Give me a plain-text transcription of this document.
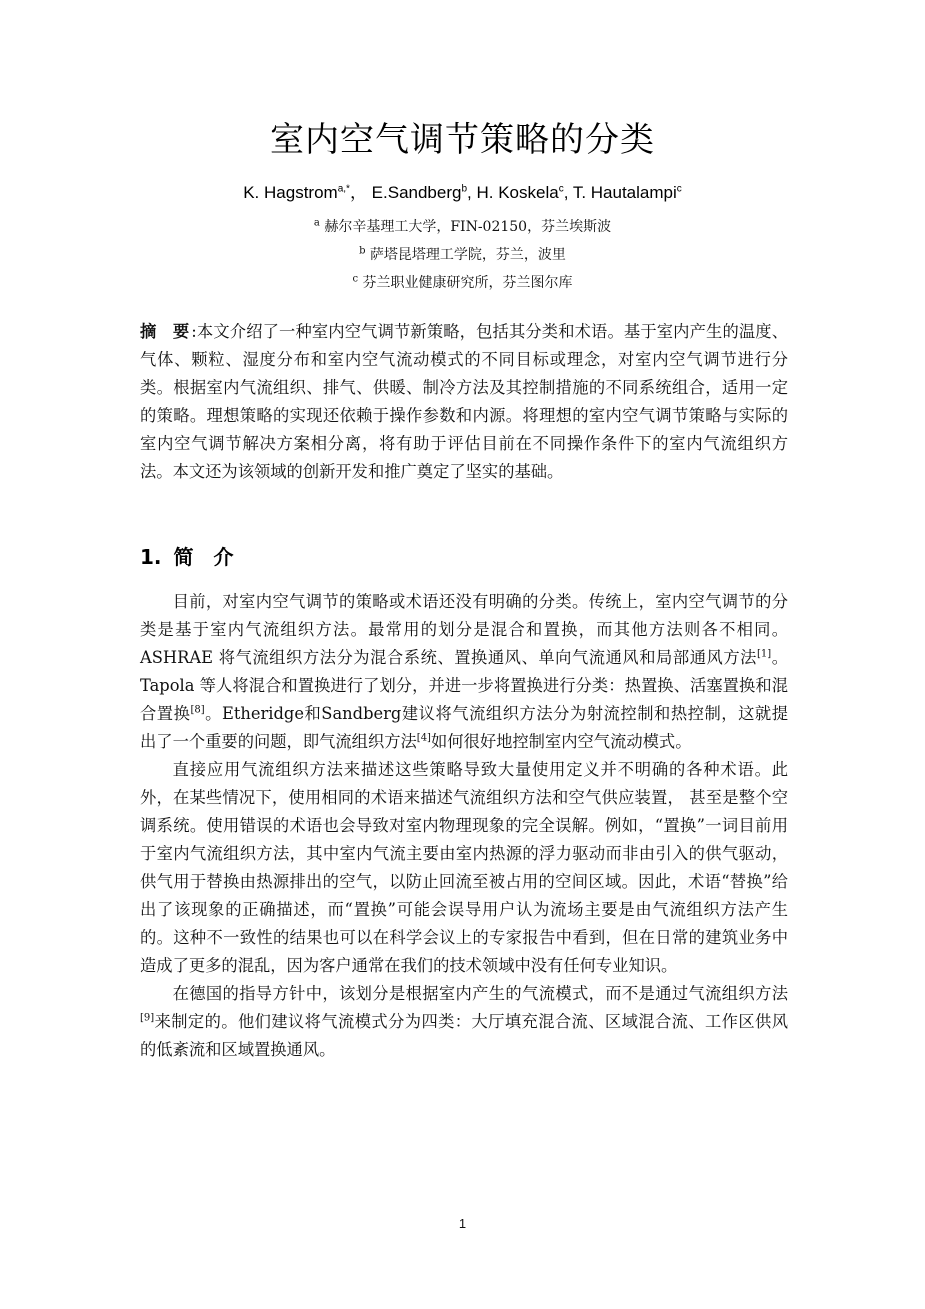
室内空气调节策略的分类
K. Hagstrom$^{a,*}$， E.Sandberg$^b$, H. Koskela$^c$, T. Hautalampi$^c$
$^a$ 赫尔辛基理工大学，FIN-02150，芬兰埃斯波
$^b$ 萨塔昆塔理工学院，芬兰，波里
$^c$ 芬兰职业健康研究所，芬兰图尔库
摘　要 :本文介绍了一种室内空气调节新策略，包括其分类和术语。基于室内产生的温度、气体、颗粒、湿度分布和室内空气流动模式的不同目标或理念，对室内空气调节进行分类。根据室内气流组织、排气、供暖、制冷方法及其控制措施的不同系统组合，适用一定的策略。理想策略的实现还依赖于操作参数和内源。将理想的室内空气调节策略与实际的室内空气调节解决方案相分离，将有助于评估目前在不同操作条件下的室内气流组织方法。本文还为该领域的创新开发和推广奠定了坚实的基础。
1. 简　介

目前，对室内空气调节的策略或术语还没有明确的分类。传统上，室内空气调节的分类是基于室内气流组织方法。最常用的划分是混合和置换，而其他方法则各不相同。ASHRAE 将气流组织方法分为混合系统、置换通风、单向气流通风和局部通风方法[1]。Tapola 等人将混合和置换进行了划分，并进一步将置换进行分类：热置换、活塞置换和混合置换[8]。Etheridge和Sandberg建议将气流组织方法分为射流控制和热控制，这就提出了一个重要的问题，即气流组织方法[4]如何很好地控制室内空气流动模式。

直接应用气流组织方法来描述这些策略导致大量使用定义并不明确的各种术语。此外，在某些情况下，使用相同的术语来描述气流组织方法和空气供应装置， 甚至是整个空调系统。使用错误的术语也会导致对室内物理现象的完全误解。例如，“置换”一词目前用于室内气流组织方法，其中室内气流主要由室内热源的浮力驱动而非由引入的供气驱动，供气用于替换由热源排出的空气，以防止回流至被占用的空间区域。因此，术语“替换”给出了该现象的正确描述，而“置换”可能会误导用户认为流场主要是由气流组织方法产生的。这种不一致性的结果也可以在科学会议上的专家报告中看到，但在日常的建筑业务中造成了更多的混乱，因为客户通常在我们的技术领域中没有任何专业知识。

在德国的指导方针中，该划分是根据室内产生的气流模式，而不是通过气流组织方法[9]来制定的。他们建议将气流模式分为四类：大厅填充混合流、区域混合流、工作区供风的低紊流和区域置换通风。

1
